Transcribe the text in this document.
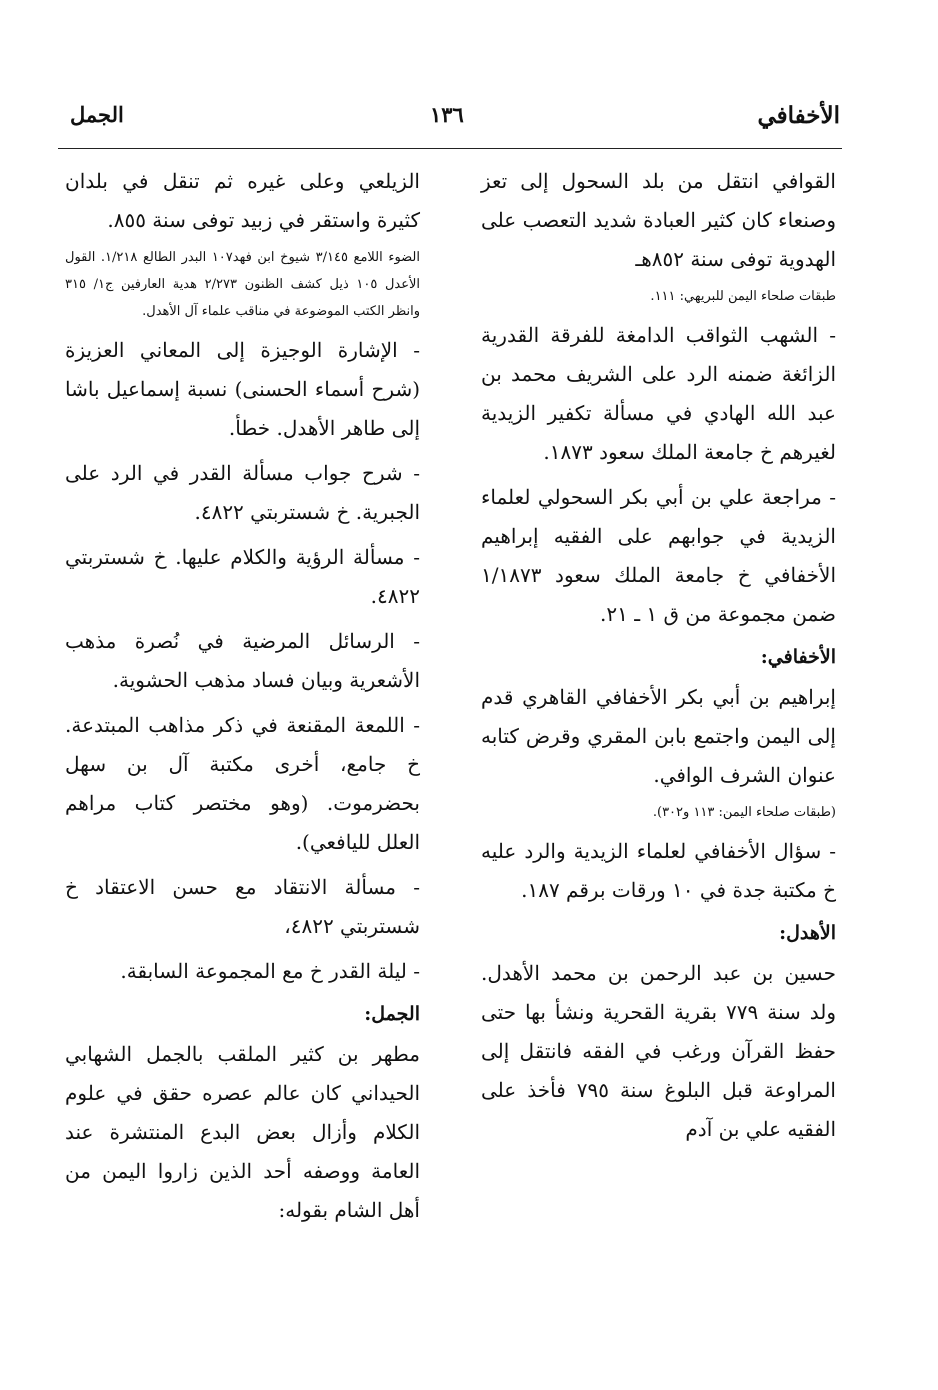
الأخفافي
١٣٦
الجمل

القوافي انتقل من بلد السحول إلى تعز وصنعاء كان كثير العبادة شديد التعصب على الهدوية توفى سنة ٨٥٢هـ

طبقات صلحاء اليمن للبريهي: ١١١.

- الشهب الثواقب الدامغة للفرقة القدرية الزائغة ضمنه الرد على الشريف محمد بن عبد الله الهادي في مسألة تكفير الزيدية لغيرهم خ جامعة الملك سعود ١٨٧٣.

- مراجعة علي بن أبي بكر السحولي لعلماء الزيدية في جوابهم على الفقيه إبراهيم الأخفافي خ جامعة الملك سعود ١/١٨٧٣ ضمن مجموعة من ق ١ ـ ٢١.

الأخفافي:

إبراهيم بن أبي بكر الأخفافي القاهري قدم إلى اليمن واجتمع بابن المقري وقرض كتابه عنوان الشرف الوافي.

(طبقات صلحاء اليمن: ١١٣ و٣٠٢).

- سؤال الأخفافي لعلماء الزيدية والرد عليه خ مكتبة جدة في ١٠ ورقات برقم ١٨٧.

الأهدل:

حسين بن عبد الرحمن بن محمد الأهدل. ولد سنة ٧٧٩ بقرية القحرية ونشأ بها حتى حفظ القرآن ورغب في الفقه فانتقل إلى المراوعة قبل البلوغ سنة ٧٩٥ فأخذ على الفقيه علي بن آدم

الزيلعي وعلى غيره ثم تنقل في بلدان كثيرة واستقر في زبيد توفى سنة ٨٥٥.

الضوء اللامع ٣/١٤٥ شيوخ ابن فهد١٠٧ البدر الطالع ١/٢١٨. القول الأعدل ١٠٥ ذيل كشف الظنون ٢/٢٧٣ هدية العارفين ج١/ ٣١٥ وانظر الكتب الموضوعة في مناقب علماء آل الأهدل.

- الإشارة الوجيزة إلى المعاني العزيزة (شرح أسماء الحسنى) نسبة إسماعيل باشا إلى طاهر الأهدل. خطأ.

- شرح جواب مسألة القدر في الرد على الجبرية. خ شستربتي ٤٨٢٢.

- مسألة الرؤية والكلام عليها. خ شستربتي ٤٨٢٢.

- الرسائل المرضية في نُصرة مذهب الأشعرية وبيان فساد مذهب الحشوية.

- اللمعة المقنعة في ذكر مذاهب المبتدعة. خ جامع، أخرى مكتبة آل بن سهل بحضرموت. (وهو مختصر كتاب مراهم العلل لليافعي).

- مسألة الانتقاد مع حسن الاعتقاد خ شستربتي ٤٨٢٢،

- ليلة القدر خ مع المجموعة السابقة.

الجمل:

مطهر بن كثير الملقب بالجمل الشهابي الحيداني كان عالم عصره حقق في علوم الكلام وأزال بعض البدع المنتشرة عند العامة ووصفه أحد الذين زاروا اليمن من أهل الشام بقوله:
